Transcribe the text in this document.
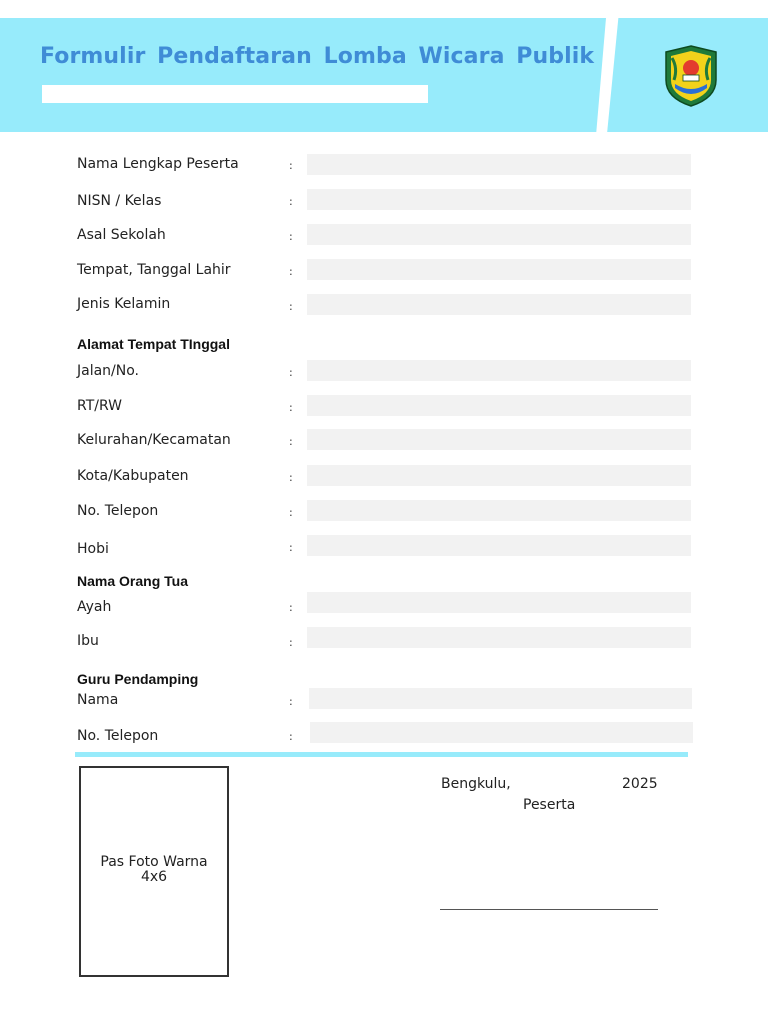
Formulir Pendaftaran Lomba Wicara Publik
Nama Lengkap Peserta	:
NISN / Kelas	:
Asal Sekolah	:
Tempat, Tanggal Lahir	:
Jenis Kelamin	:
Alamat Tempat TInggal
Jalan/No.	:
RT/RW	:
Kelurahan/Kecamatan	:
Kota/Kabupaten	:
No. Telepon	:
Hobi	:
Nama Orang Tua
Ayah	:
Ibu	:
Guru Pendamping
Nama	:
No. Telepon	:
Pas Foto Warna
4x6
Bengkulu,	2025
Peserta
